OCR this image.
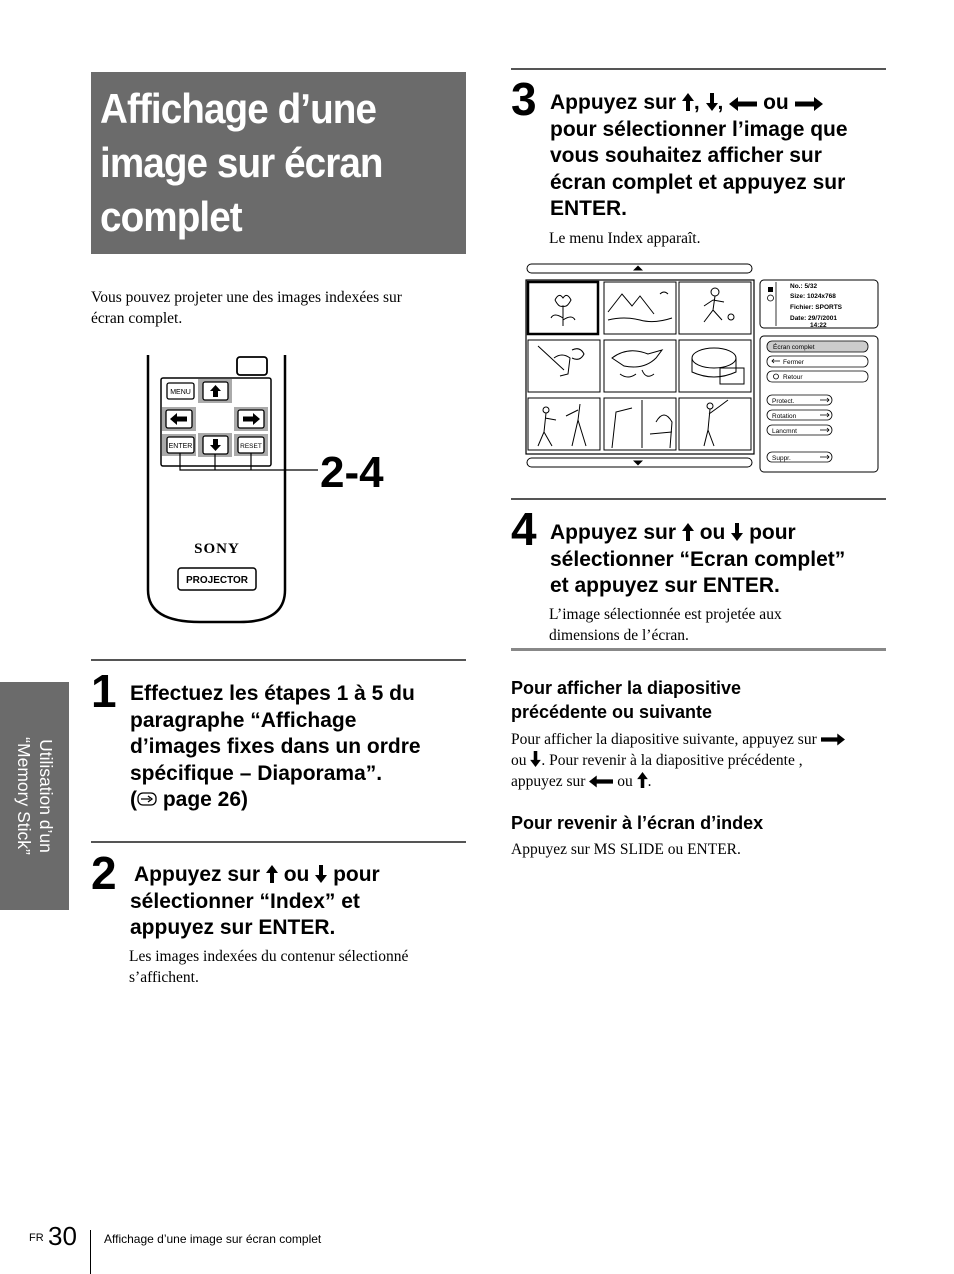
Affichage d’une
image sur écran
complet
Vous pouvez projeter une des images indexées sur
écran complet.
MENU
ENTER	RESET
2-4
SONY
PROJECTOR
Utilisation d’un
“Memory Stick”
1 Effectuez les étapes 1 à 5 du
paragraphe “Affichage
d’images fixes dans un ordre
spécifique – Diaporama”.
( page 26)
2 Appuyez sur ou pour
sélectionner “Index” et
appuyez sur ENTER.
Les images indexées du contenur sélectionné
s’affichent.
3 Appuyez sur , ,  ou
pour sélectionner l’image que
vous souhaitez afficher sur
écran complet et appuyez sur
ENTER.
Le menu Index apparaît.
No.: 5/32
Size: 1024x768
Fichier: SPORTS
Date: 29/7/2001
14:22
Écran complet
Fermer
Retour
Protect.
Rotation
Lancmnt
Suppr.
4 Appuyez sur ou pour
sélectionner “Ecran complet”
et appuyez sur ENTER.
L’image sélectionnée est projetée aux
dimensions de l’écran.
Pour afficher la diapositive
précédente ou suivante
Pour afficher la diapositive suivante, appuyez sur
ou . Pour revenir à la diapositive précédente ,
appuyez sur ou .
Pour revenir à l’écran d’index
Appuyez sur MS SLIDE ou ENTER.
FR 30 Affichage d’une image sur écran complet
